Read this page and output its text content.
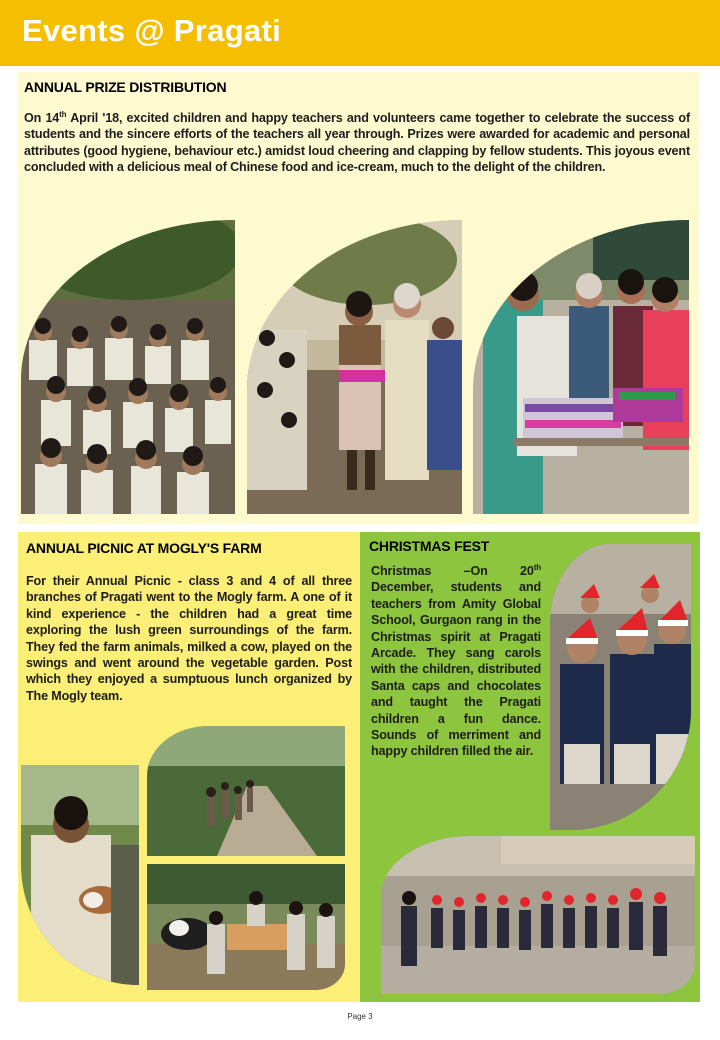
Events @ Pragati
ANNUAL PRIZE DISTRIBUTION
On 14th April '18, excited children and happy teachers and volunteers came together to celebrate the success of students and the sincere efforts of the teachers all year through. Prizes were awarded for academic and personal attributes (good hygiene, behaviour etc.) amidst loud cheering and clapping by fellow students. This joyous event concluded with a delicious meal of Chinese food and ice-cream, much to the delight of the children.
ANNUAL PICNIC AT MOGLY'S FARM
For their Annual Picnic - class 3 and 4 of all three branches of Pragati went to the Mogly farm. A one of it kind experience - the children had a great time exploring the lush green surroundings of the farm. They fed the farm animals, milked a cow, played on the swings and went around the vegetable garden. Post which they enjoyed a sumptuous lunch organized by The Mogly team.
CHRISTMAS FEST
Christmas –On 20th December, students and teachers from Amity Global School, Gurgaon rang in the Christmas spirit at Pragati Arcade. They sang carols with the children, distributed Santa caps and chocolates and taught the Pragati children a fun dance. Sounds of merriment and happy children filled the air.
Page 3
